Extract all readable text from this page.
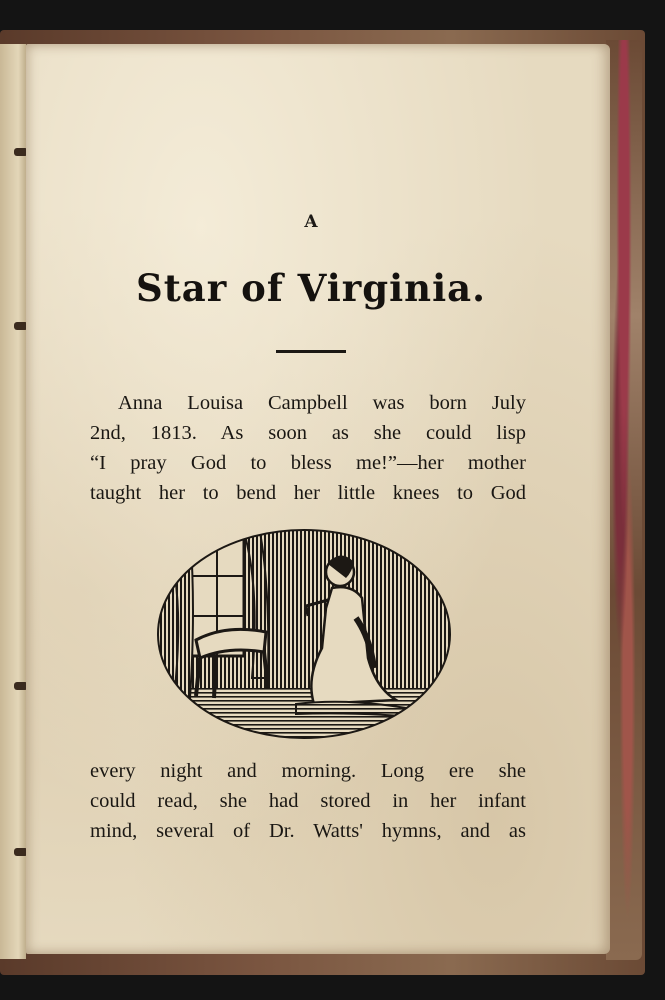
A
Star of Virginia.
Anna Louisa Campbell was born July
2nd, 1813. As soon as she could lisp
“I pray God to bless me!”—her mother
taught her to bend her little knees to God
every night and morning. Long ere she
could read, she had stored in her infant
mind, several of Dr. Watts' hymns, and as
